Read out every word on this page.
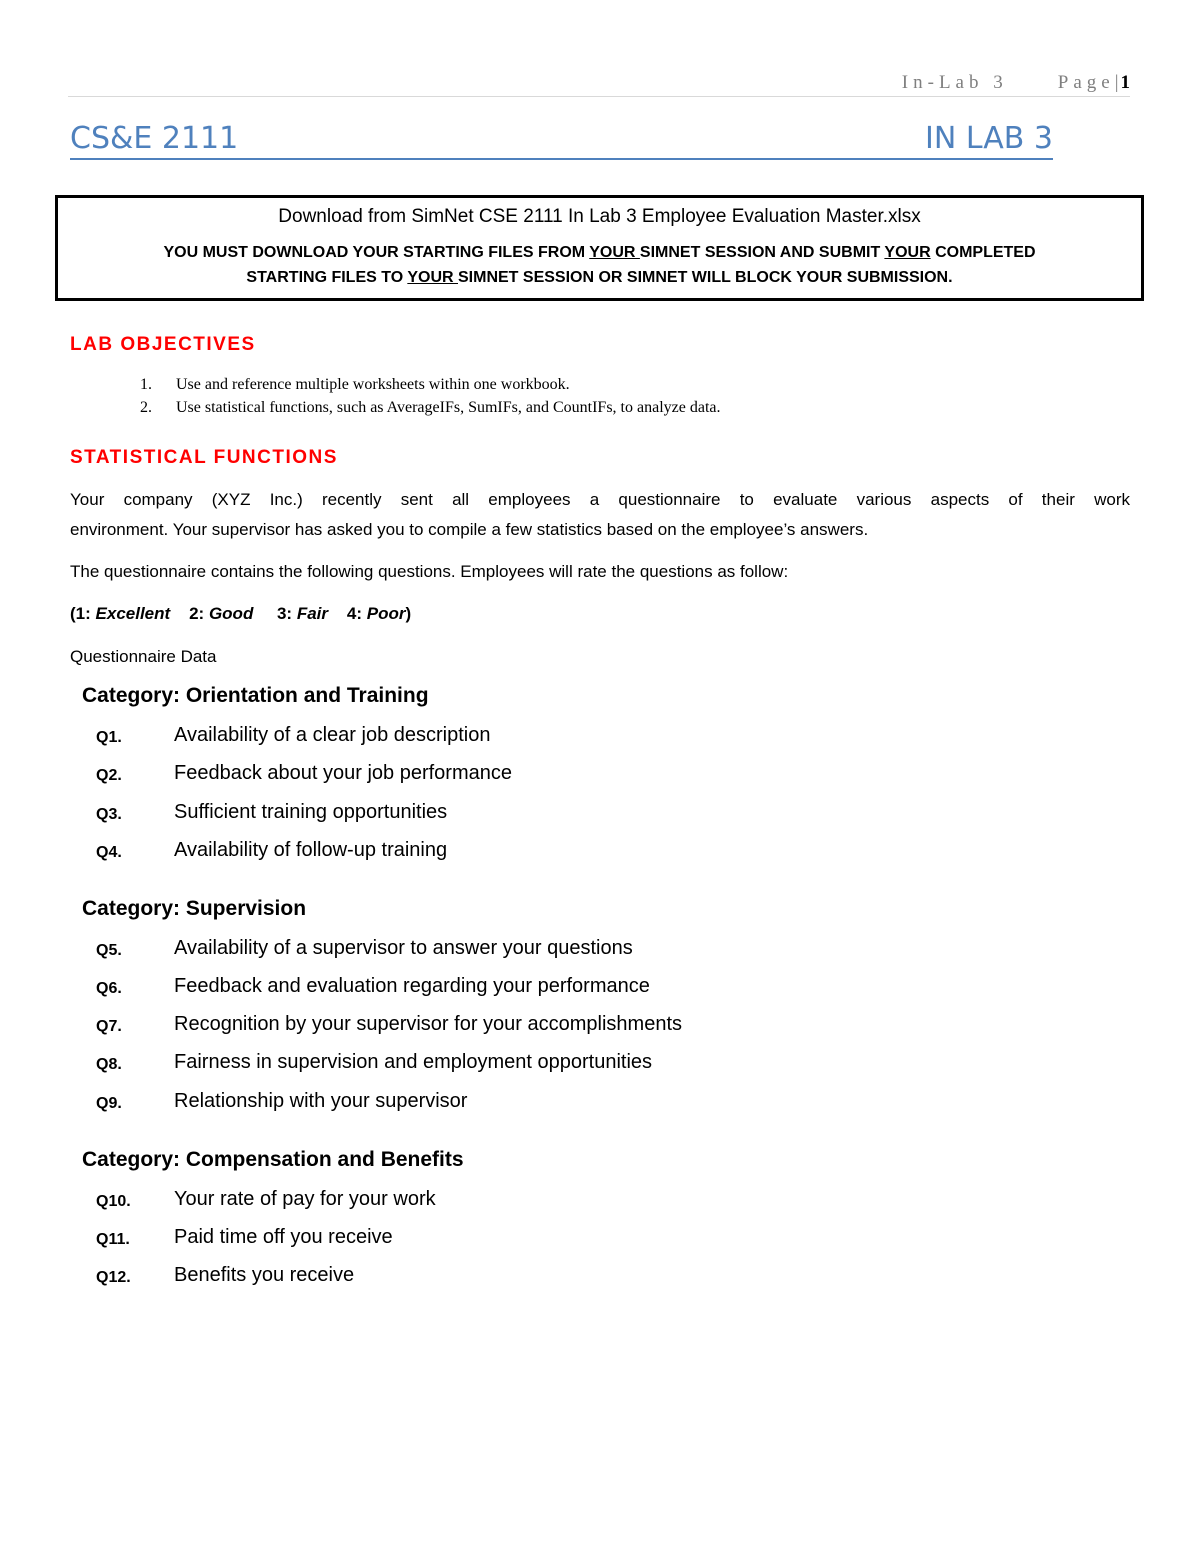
In-Lab 3	Page| 1
CS&E 2111	IN LAB 3
Download from SimNet CSE 2111 In Lab 3 Employee Evaluation Master.xlsx
YOU MUST DOWNLOAD YOUR STARTING FILES FROM YOUR SIMNET SESSION AND SUBMIT YOUR COMPLETED
STARTING FILES TO YOUR SIMNET SESSION OR SIMNET WILL BLOCK YOUR SUBMISSION.
LAB OBJECTIVES
1. Use and reference multiple worksheets within one workbook.
2. Use statistical functions, such as AverageIFs, SumIFs, and CountIFs, to analyze data.
STATISTICAL FUNCTIONS
Your company (XYZ Inc.) recently sent all employees a questionnaire to evaluate various aspects of their work
environment. Your supervisor has asked you to compile a few statistics based on the employee’s answers.
The questionnaire contains the following questions. Employees will rate the questions as follow:
(1: Excellent 2: Good 3: Fair 4: Poor)
Questionnaire Data
Category: Orientation and Training
Q1.	Availability of a clear job description
Q2.	Feedback about your job performance
Q3.	Sufficient training opportunities
Q4.	Availability of follow-up training
Category: Supervision
Q5.	Availability of a supervisor to answer your questions
Q6.	Feedback and evaluation regarding your performance
Q7.	Recognition by your supervisor for your accomplishments
Q8.	Fairness in supervision and employment opportunities
Q9.	Relationship with your supervisor
Category: Compensation and Benefits
Q10.	Your rate of pay for your work
Q11.	Paid time off you receive
Q12.	Benefits you receive
